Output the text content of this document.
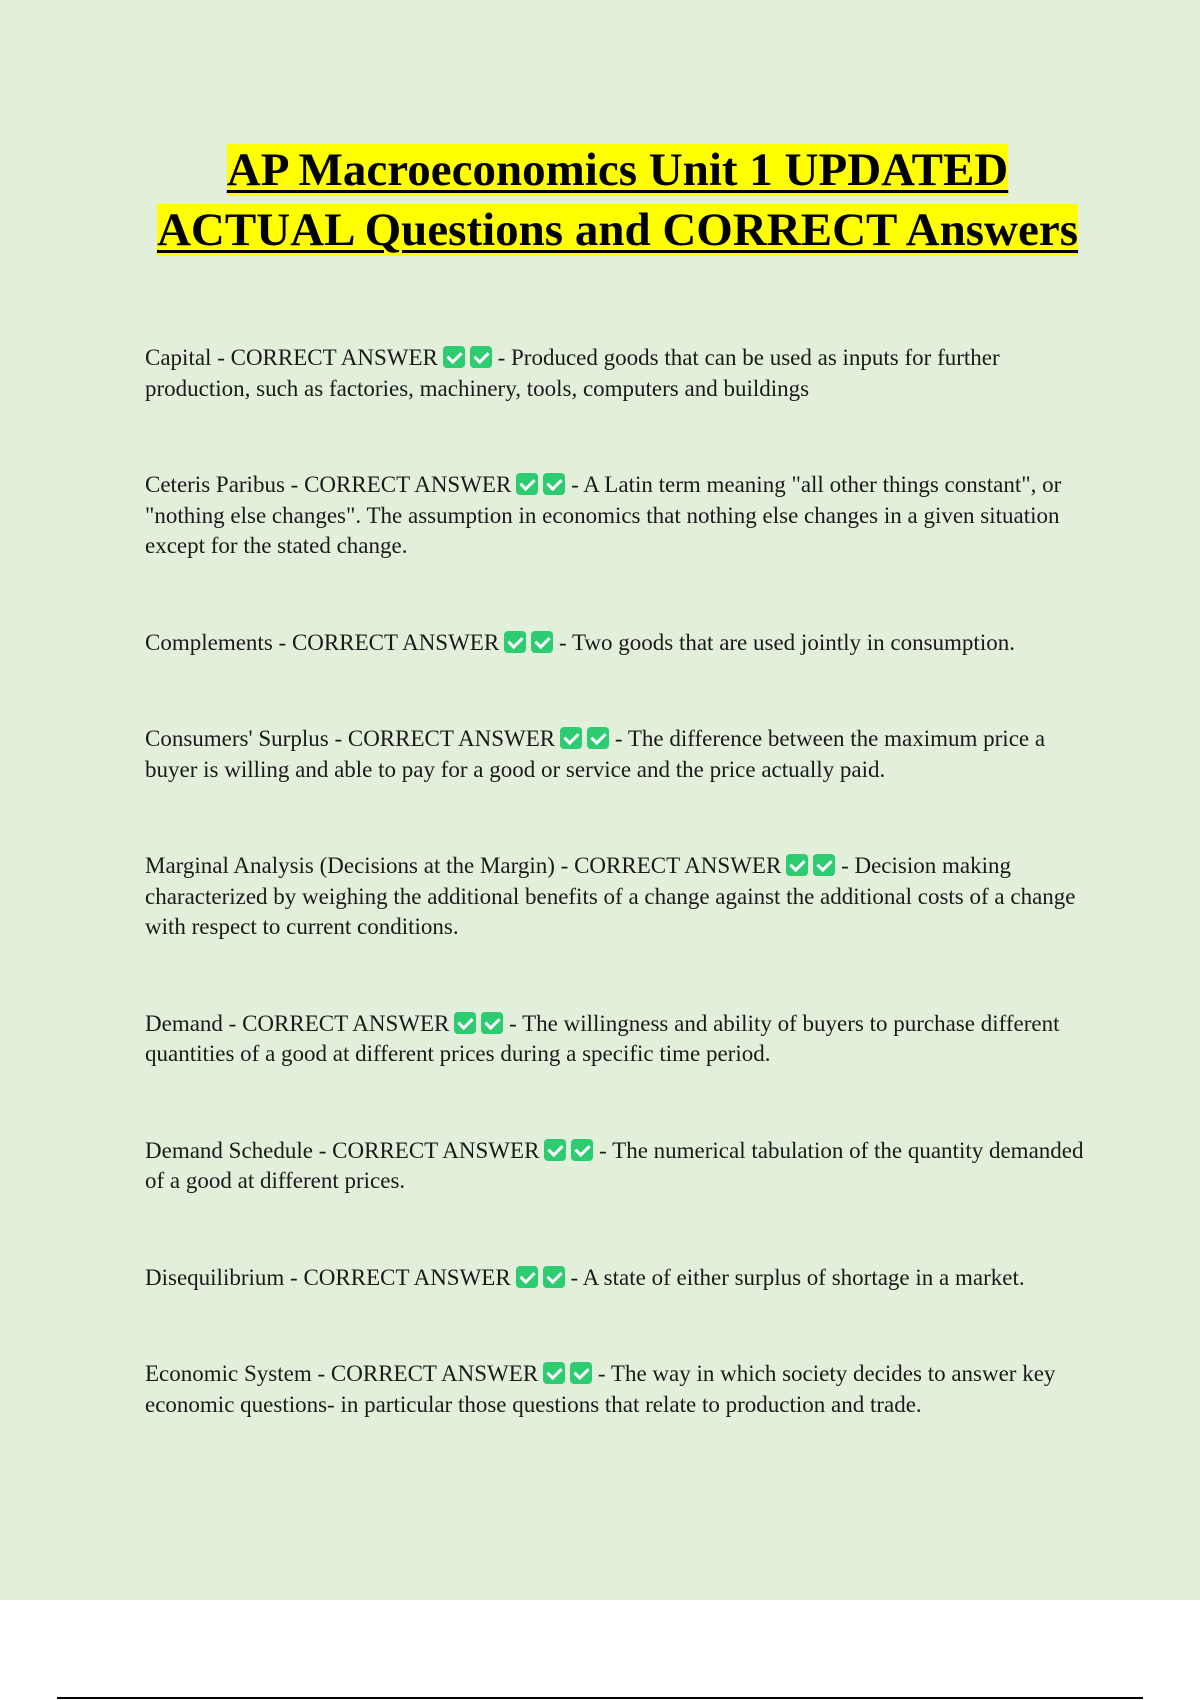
AP Macroeconomics Unit 1 UPDATED ACTUAL Questions and CORRECT Answers

Capital - CORRECT ANSWER	- Produced goods that can be used as inputs for further production, such as factories, machinery, tools, computers and buildings

Ceteris Paribus - CORRECT ANSWER	- A Latin term meaning "all other things constant", or "nothing else changes". The assumption in economics that nothing else changes in a given situation except for the stated change.

Complements - CORRECT ANSWER	- Two goods that are used jointly in consumption.

Consumers' Surplus - CORRECT ANSWER	- The difference between the maximum price a buyer is willing and able to pay for a good or service and the price actually paid.

Marginal Analysis (Decisions at the Margin) - CORRECT ANSWER	- Decision making characterized by weighing the additional benefits of a change against the additional costs of a change with respect to current conditions.

Demand - CORRECT ANSWER	- The willingness and ability of buyers to purchase different quantities of a good at different prices during a specific time period.

Demand Schedule - CORRECT ANSWER	- The numerical tabulation of the quantity demanded of a good at different prices.

Disequilibrium - CORRECT ANSWER	- A state of either surplus of shortage in a market.

Economic System - CORRECT ANSWER	- The way in which society decides to answer key economic questions- in particular those questions that relate to production and trade.
